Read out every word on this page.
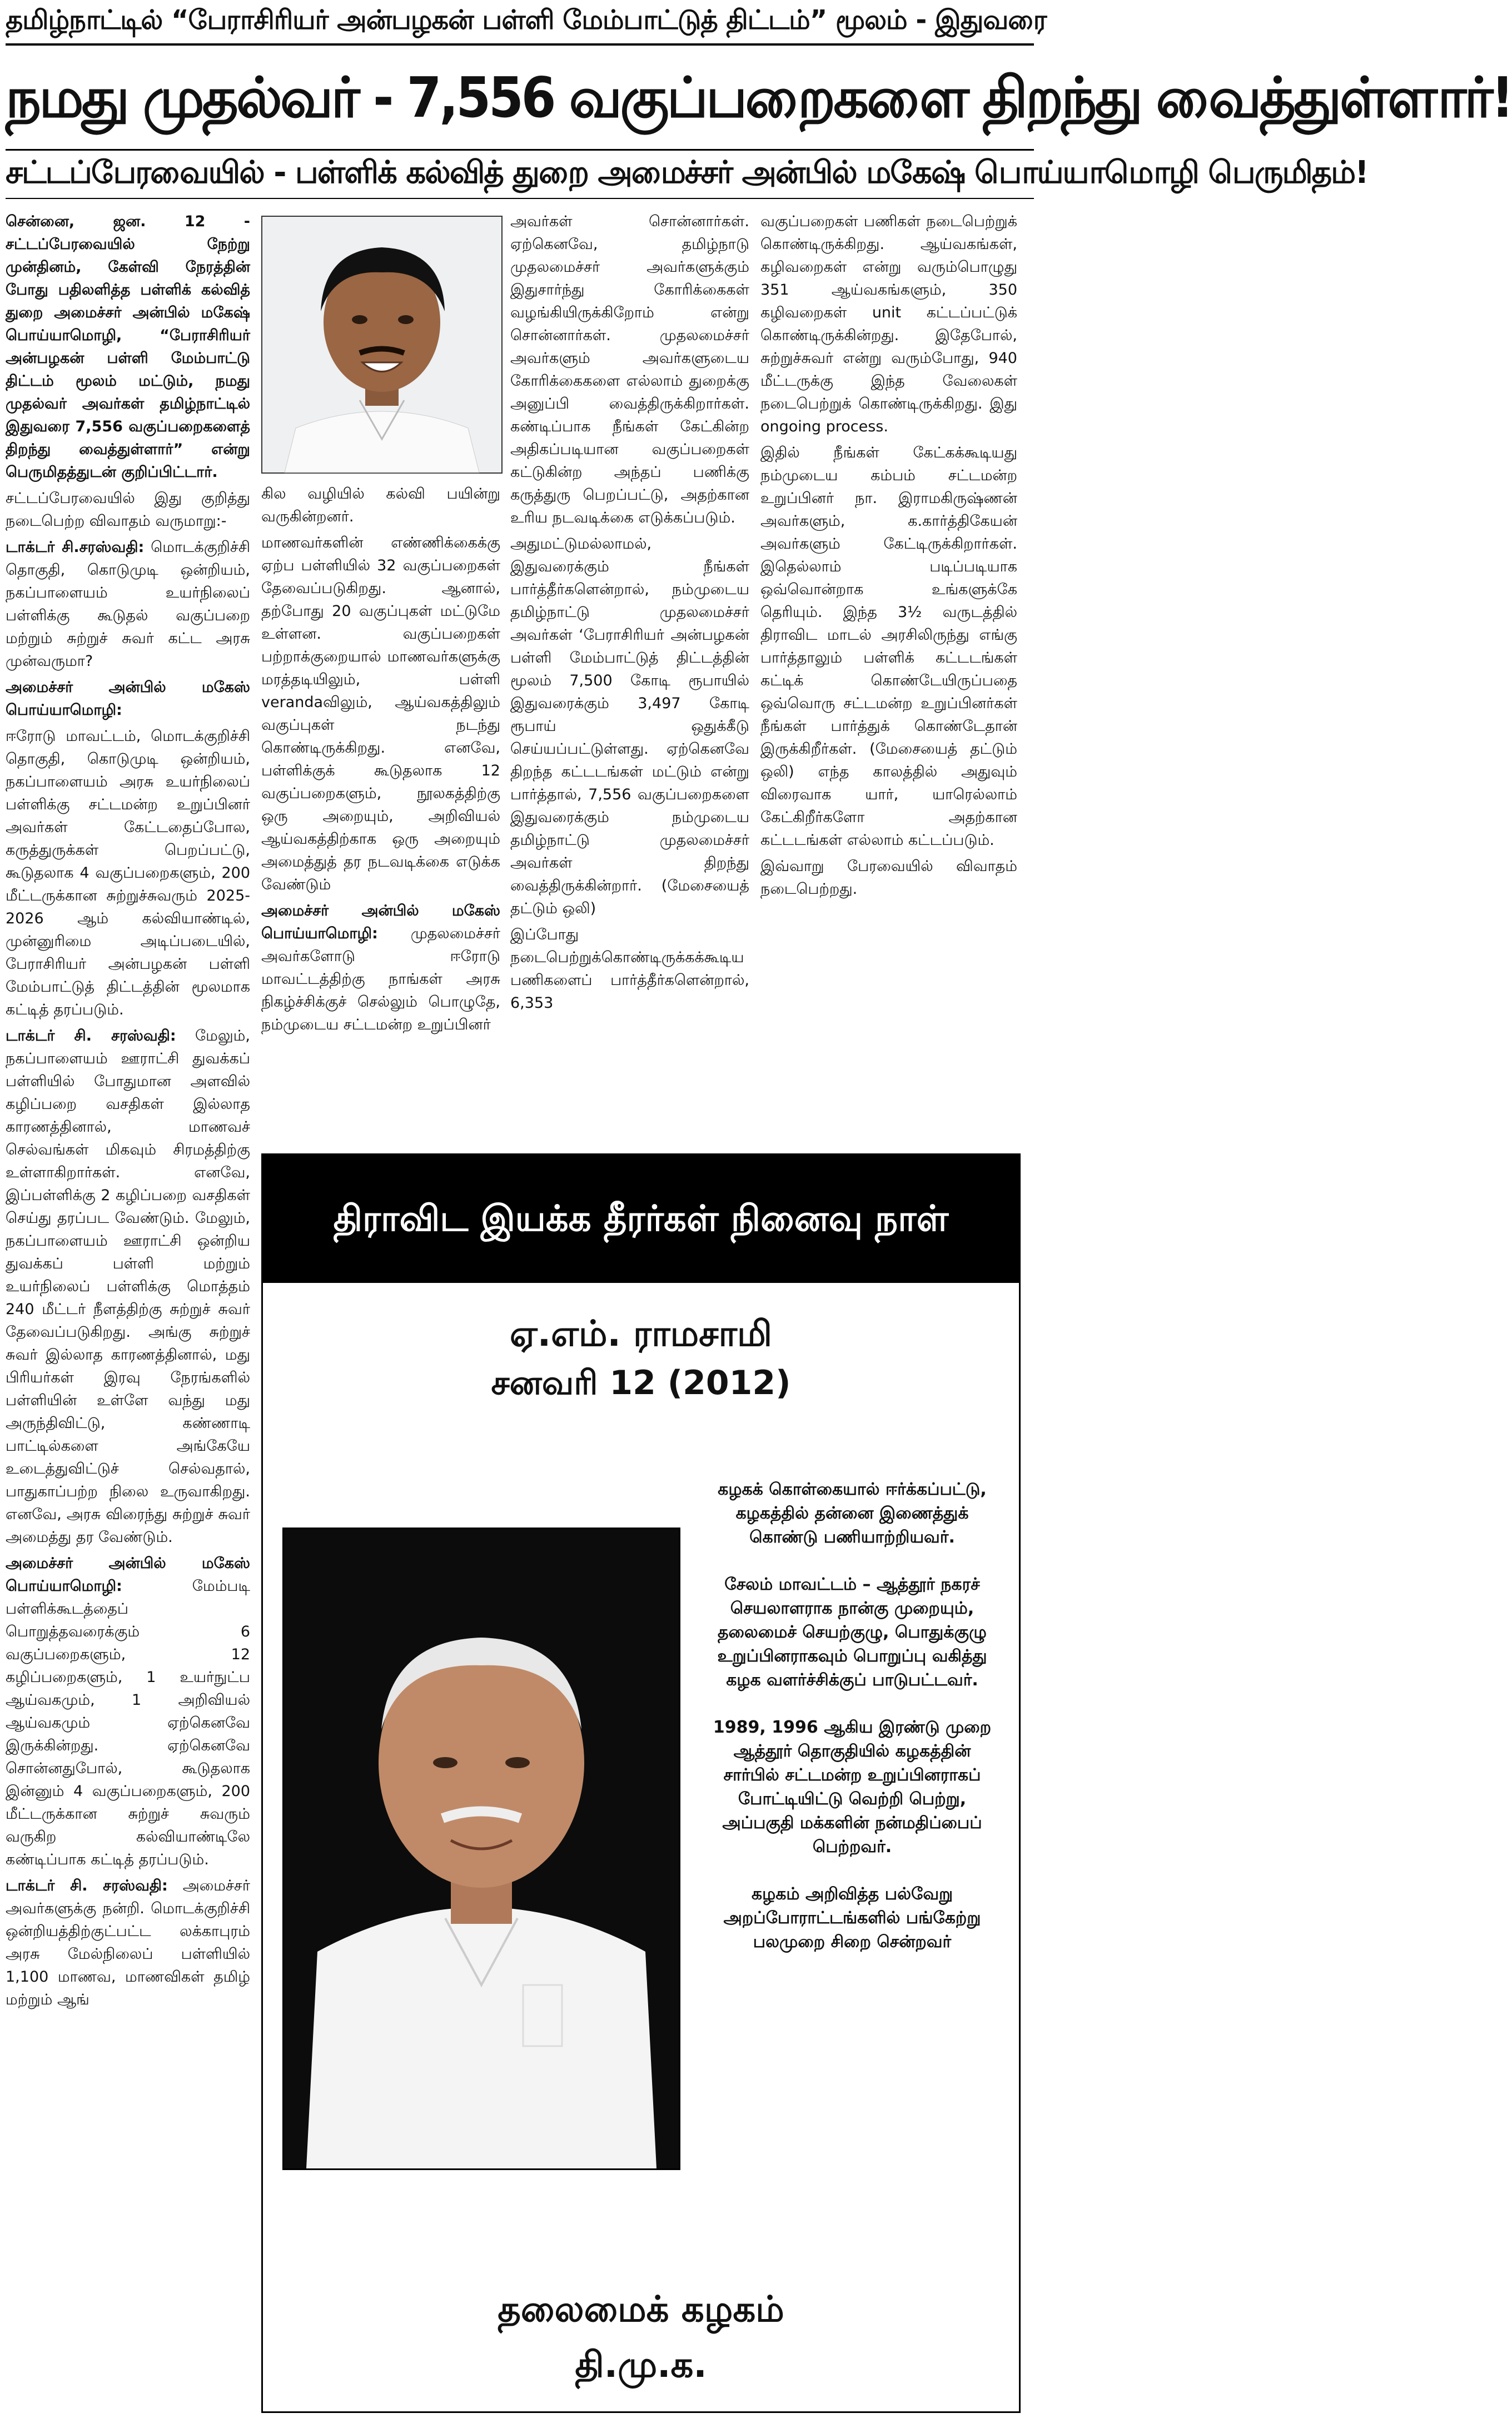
தமிழ்நாட்டில் “பேராசிரியர் அன்பழகன் பள்ளி மேம்பாட்டுத் திட்டம்” மூலம் - இதுவரை
நமது முதல்வர் - 7,556 வகுப்பறைகளை திறந்து வைத்துள்ளார்!
சட்டப்பேரவையில் - பள்ளிக் கல்வித் துறை அமைச்சர் அன்பில் மகேஷ் பொய்யாமொழி பெருமிதம்!

சென்னை, ஜன. 12 - சட்டப்பேரவையில் நேற்று முன்தினம், கேள்வி நேரத்தின் போது பதிலளித்த பள்ளிக் கல்வித் துறை அமைச்சர் அன்பில் மகேஷ் பொய்யாமொழி, “பேராசிரியர் அன்பழகன் பள்ளி மேம்பாட்டு திட்டம் மூலம் மட்டும், நமது முதல்வர் அவர்கள் தமிழ்நாட்டில் இதுவரை 7,556 வகுப்பறைகளைத் திறந்து வைத்துள்ளார்” என்று பெருமிதத்துடன் குறிப்பிட்டார்.

சட்டப்பேரவையில் இது குறித்து நடைபெற்ற விவாதம் வருமாறு:-

டாக்டர் சி.சரஸ்வதி: மொடக்குறிச்சி தொகுதி, கொடுமுடி ஒன்றியம், நகப்பாளையம் உயர்நிலைப் பள்ளிக்கு கூடுதல் வகுப்பறை மற்றும் சுற்றுச் சுவர் கட்ட அரசு முன்வருமா?

அமைச்சர் அன்பில் மகேஸ் பொய்யாமொழி:

ஈரோடு மாவட்டம், மொடக்குறிச்சி தொகுதி, கொடுமுடி ஒன்றியம், நகப்பாளையம் அரசு உயர்நிலைப் பள்ளிக்கு சட்டமன்ற உறுப்பினர் அவர்கள் கேட்டதைப்போல, கருத்துருக்கள் பெறப்பட்டு, கூடுதலாக 4 வகுப்பறைகளும், 200 மீட்டருக்கான சுற்றுச்சுவரும் 2025-2026 ஆம் கல்வியாண்டில், முன்னுரிமை அடிப்படையில், பேராசிரியர் அன்பழகன் பள்ளி மேம்பாட்டுத் திட்டத்தின் மூலமாக கட்டித் தரப்படும்.

டாக்டர் சி. சரஸ்வதி: மேலும், நகப்பாளையம் ஊராட்சி துவக்கப் பள்ளியில் போதுமான அளவில் கழிப்பறை வசதிகள் இல்லாத காரணத்தினால், மாணவச் செல்வங்கள் மிகவும் சிரமத்திற்கு உள்ளாகிறார்கள். எனவே, இப்பள்ளிக்கு 2 கழிப்பறை வசதிகள் செய்து தரப்பட வேண்டும். மேலும், நகப்பாளையம் ஊராட்சி ஒன்றிய துவக்கப் பள்ளி மற்றும் உயர்நிலைப் பள்ளிக்கு மொத்தம் 240 மீட்டர் நீளத்திற்கு சுற்றுச் சுவர் தேவைப்படுகிறது. அங்கு சுற்றுச் சுவர் இல்லாத காரணத்தினால், மது பிரியர்கள் இரவு நேரங்களில் பள்ளியின் உள்ளே வந்து மது அருந்திவிட்டு, கண்ணாடி பாட்டில்களை அங்கேயே உடைத்துவிட்டுச் செல்வதால், பாதுகாப்பற்ற நிலை உருவாகிறது. எனவே, அரசு விரைந்து சுற்றுச் சுவர் அமைத்து தர வேண்டும்.

அமைச்சர் அன்பில் மகேஸ் பொய்யாமொழி:	மேம்படி பள்ளிக்கூடத்தைப் பொறுத்தவரைக்கும் 6 வகுப்பறைகளும், 12 கழிப்பறைகளும், 1 உயர்நுட்ப ஆய்வகமும், 1 அறிவியல் ஆய்வகமும் ஏற்கெனவே இருக்கின்றது. ஏற்கெனவே சொன்னதுபோல், கூடுதலாக இன்னும் 4 வகுப்பறைகளும், 200 மீட்டருக்கான சுற்றுச் சுவரும் வருகிற கல்வியாண்டிலே கண்டிப்பாக கட்டித் தரப்படும்.

டாக்டர் சி. சரஸ்வதி: அமைச்சர் அவர்களுக்கு நன்றி. மொடக்குறிச்சி ஒன்றியத்திற்குட்பட்ட லக்காபுரம் அரசு மேல்நிலைப் பள்ளியில் 1,100 மாணவ, மாணவிகள் தமிழ் மற்றும் ஆங்

கில வழியில் கல்வி பயின்று வருகின்றனர்.

மாணவர்களின் எண்ணிக்கைக்கு ஏற்ப பள்ளியில் 32 வகுப்பறைகள் தேவைப்படுகிறது. ஆனால், தற்போது 20 வகுப்புகள் மட்டுமே உள்ளன. வகுப்பறைகள் பற்றாக்குறையால் மாணவர்களுக்கு மரத்தடியிலும், பள்ளி verandaவிலும், ஆய்வகத்திலும் வகுப்புகள் நடந்து கொண்டிருக்கிறது. எனவே, பள்ளிக்குக் கூடுதலாக 12 வகுப்பறைகளும், நூலகத்திற்கு ஒரு அறையும், அறிவியல் ஆய்வகத்திற்காக ஒரு அறையும் அமைத்துத் தர நடவடிக்கை எடுக்க வேண்டும்

அமைச்சர் அன்பில் மகேஸ் பொய்யாமொழி: முதலமைச்சர் அவர்களோடு ஈரோடு மாவட்டத்திற்கு நாங்கள் அரசு நிகழ்ச்சிக்குச் செல்லும் பொழுதே, நம்முடைய சட்டமன்ற உறுப்பினர்

அவர்கள் சொன்னார்கள். ஏற்கெனவே, தமிழ்நாடு முதலமைச்சர் அவர்களுக்கும் இதுசார்ந்து கோரிக்கைகள் வழங்கியிருக்கிறோம் என்று சொன்னார்கள். முதலமைச்சர் அவர்களும் அவர்களுடைய கோரிக்கைகளை எல்லாம் துறைக்கு அனுப்பி வைத்திருக்கிறார்கள். கண்டிப்பாக நீங்கள் கேட்கின்ற அதிகப்படியான வகுப்பறைகள் கட்டுகின்ற அந்தப் பணிக்கு கருத்துரு பெறப்பட்டு, அதற்கான உரிய நடவடிக்கை எடுக்கப்படும்.

அதுமட்டுமல்லாமல், இதுவரைக்கும் நீங்கள் பார்த்தீர்களென்றால், நம்முடைய தமிழ்நாட்டு முதலமைச்சர் அவர்கள் ‘பேராசிரியர் அன்பழகன் பள்ளி மேம்பாட்டுத் திட்டத்தின் மூலம் 7,500 கோடி ரூபாயில் இதுவரைக்கும் 3,497 கோடி ரூபாய் ஒதுக்கீடு செய்யப்பட்டுள்ளது. ஏற்கெனவே திறந்த கட்டடங்கள் மட்டும் என்று பார்த்தால், 7,556 வகுப்பறைகளை இதுவரைக்கும் நம்முடைய தமிழ்நாட்டு முதலமைச்சர் அவர்கள் திறந்து வைத்திருக்கின்றார். (மேசையைத் தட்டும் ஒலி)

இப்போது நடைபெற்றுக்கொண்டிருக்கக்கூடிய பணிகளைப் பார்த்தீர்களென்றால், 6,353

வகுப்பறைகள் பணிகள் நடைபெற்றுக் கொண்டிருக்கிறது. ஆய்வகங்கள், கழிவறைகள் என்று வரும்பொழுது 351 ஆய்வகங்களும், 350 கழிவறைகள் unit கட்டப்பட்டுக் கொண்டிருக்கின்றது. இதேபோல், சுற்றுச்சுவர் என்று வரும்போது, 940 மீட்டருக்கு இந்த வேலைகள் நடைபெற்றுக் கொண்டிருக்கிறது. இது ongoing process.

இதில் நீங்கள் கேட்கக்கூடியது நம்முடைய கம்பம் சட்டமன்ற உறுப்பினர் நா. இராமகிருஷ்ணன் அவர்களும், க.கார்த்திகேயன் அவர்களும் கேட்டிருக்கிறார்கள். இதெல்லாம் படிப்படியாக ஒவ்வொன்றாக உங்களுக்கே தெரியும். இந்த 3½ வருடத்தில் திராவிட மாடல் அரசிலிருந்து எங்கு பார்த்தாலும் பள்ளிக் கட்டடங்கள் கட்டிக் கொண்டேயிருப்பதை ஒவ்வொரு சட்டமன்ற உறுப்பினர்கள் நீங்கள் பார்த்துக் கொண்டேதான் இருக்கிறீர்கள். (மேசையைத் தட்டும் ஒலி) எந்த காலத்தில் அதுவும் விரைவாக யார், யாரெல்லாம் கேட்கிறீர்களோ அதற்கான கட்டடங்கள் எல்லாம் கட்டப்படும்.

இவ்வாறு பேரவையில் விவாதம் நடைபெற்றது.

திராவிட இயக்க தீரர்கள் நினைவு நாள்
ஏ.எம். ராமசாமி
சனவரி 12 (2012)

கழகக் கொள்கையால் ஈர்க்கப்பட்டு, கழகத்தில் தன்னை இணைத்துக் கொண்டு பணியாற்றியவர்.

சேலம் மாவட்டம் – ஆத்தூர் நகரச் செயலாளராக நான்கு முறையும், தலைமைச் செயற்குழு, பொதுக்குழு உறுப்பினராகவும் பொறுப்பு வகித்து கழக வளர்ச்சிக்குப் பாடுபட்டவர்.

1989, 1996 ஆகிய இரண்டு முறை ஆத்தூர் தொகுதியில் கழகத்தின் சார்பில் சட்டமன்ற உறுப்பினராகப் போட்டியிட்டு வெற்றி பெற்று, அப்பகுதி மக்களின் நன்மதிப்பைப் பெற்றவர்.

கழகம் அறிவித்த பல்வேறு அறப்போராட்டங்களில் பங்கேற்று பலமுறை சிறை சென்றவர்

தலைமைக் கழகம்
தி.மு.க.
